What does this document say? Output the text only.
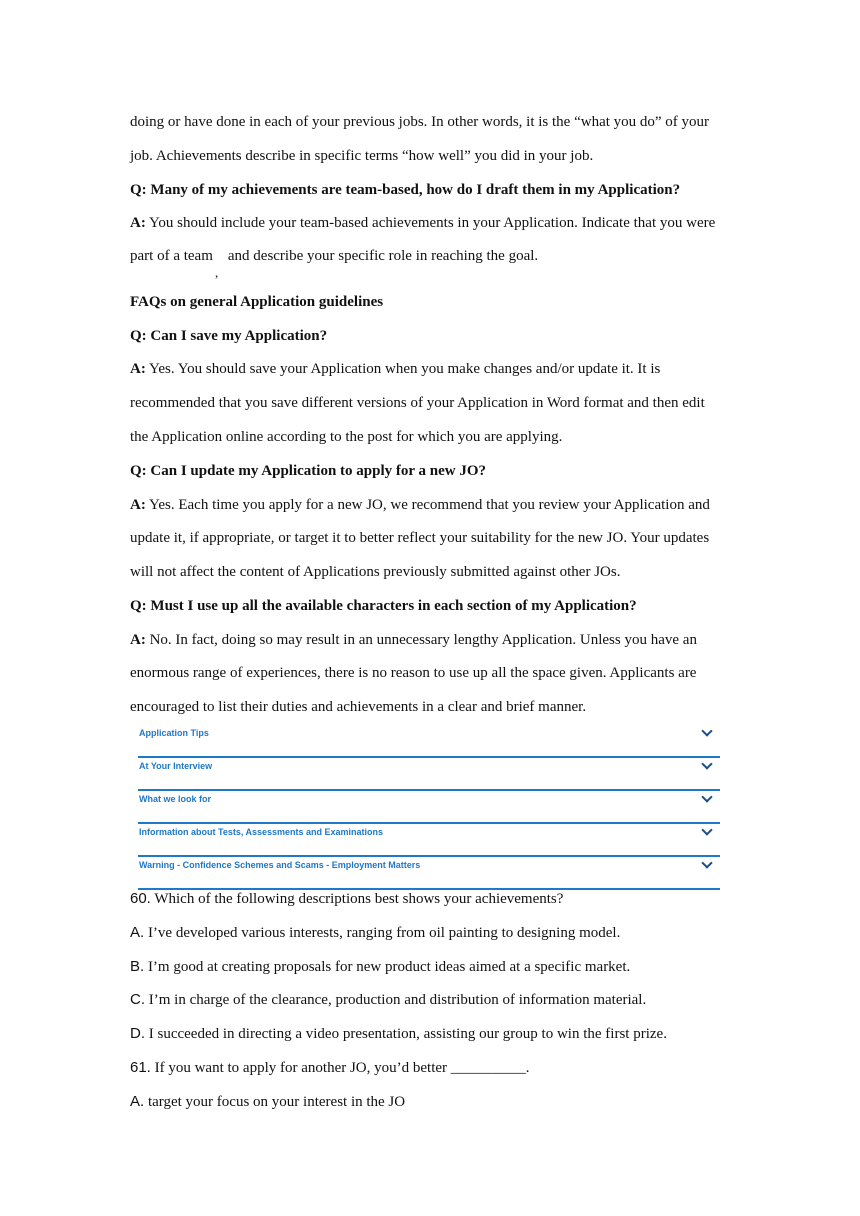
doing or have done in each of your previous jobs. In other words, it is the “what you do” of your
job. Achievements describe in specific terms “how well” you did in your job.
Q: Many of my achievements are team-based, how do I draft them in my Application?
A: You should include your team-based achievements in your Application. Indicate that you were
part of a team    and describe your specific role in reaching the goal.
,
FAQs on general Application guidelines
Q: Can I save my Application?
A: Yes. You should save your Application when you make changes and/or update it. It is
recommended that you save different versions of your Application in Word format and then edit
the Application online according to the post for which you are applying.
Q: Can I update my Application to apply for a new JO?
A: Yes. Each time you apply for a new JO, we recommend that you review your Application and
update it, if appropriate, or target it to better reflect your suitability for the new JO. Your updates
will not affect the content of Applications previously submitted against other JOs.
Q: Must I use up all the available characters in each section of my Application?
A: No. In fact, doing so may result in an unnecessary lengthy Application. Unless you have an
enormous range of experiences, there is no reason to use up all the space given. Applicants are
encouraged to list their duties and achievements in a clear and brief manner.
Application Tips
At Your Interview
What we look for
Information about Tests, Assessments and Examinations
Warning - Confidence Schemes and Scams - Employment Matters
60. Which of the following descriptions best shows your achievements?
A. I’ve developed various interests, ranging from oil painting to designing model.
B. I’m good at creating proposals for new product ideas aimed at a specific market.
C. I’m in charge of the clearance, production and distribution of information material.
D. I succeeded in directing a video presentation, assisting our group to win the first prize.
61. If you want to apply for another JO, you’d better __________.
A. target your focus on your interest in the JO
